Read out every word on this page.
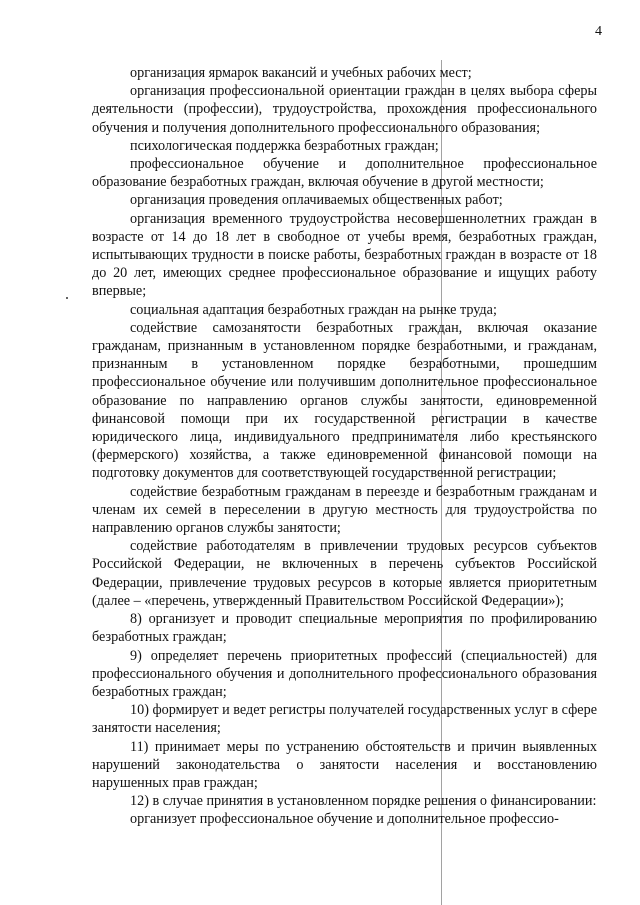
4

организация ярмарок вакансий и учебных рабочих мест;

организация профессиональной ориентации граждан в целях выбора сферы деятельности (профессии), трудоустройства, прохождения профессионального обучения и получения дополнительного профессионального образования;

психологическая поддержка безработных граждан;

профессиональное обучение и дополнительное профессиональное образование безработных граждан, включая обучение в другой местности;

организация проведения оплачиваемых общественных работ;

организация временного трудоустройства несовершеннолетних граждан в возрасте от 14 до 18 лет в свободное от учебы время, безработных граждан, испытывающих трудности в поиске работы, безработных граждан в возрасте от 18 до 20 лет, имеющих среднее профессиональное образование и ищущих работу впервые;

социальная адаптация безработных граждан на рынке труда;

содействие самозанятости безработных граждан, включая оказание гражданам, признанным в установленном порядке безработными, и гражданам, признанным в установленном порядке безработными, прошедшим профессиональное обучение или получившим дополнительное профессиональное образование по направлению органов службы занятости, единовременной финансовой помощи при их государственной регистрации в качестве юридического лица, индивидуального предпринимателя либо крестьянского (фермерского) хозяйства, а также единовременной финансовой помощи на подготовку документов для соответствующей государственной регистрации;

содействие безработным гражданам в переезде и безработным гражданам и членам их семей в переселении в другую местность для трудоустройства по направлению органов службы занятости;

содействие работодателям в привлечении трудовых ресурсов субъектов Российской Федерации, не включенных в перечень субъектов Российской Федерации, привлечение трудовых ресурсов в которые является приоритетным (далее – «перечень, утвержденный Правительством Российской Федерации»);

8) организует и проводит специальные мероприятия по профилированию безработных граждан;

9) определяет перечень приоритетных профессий (специальностей) для профессионального обучения и дополнительного профессионального образования безработных граждан;

10) формирует и ведет регистры получателей государственных услуг в сфере занятости населения;

11) принимает меры по устранению обстоятельств и причин выявленных нарушений законодательства о занятости населения и восстановлению нарушенных прав граждан;

12) в случае принятия в установленном порядке решения о финансировании:

организует профессиональное обучение и дополнительное профессио-
